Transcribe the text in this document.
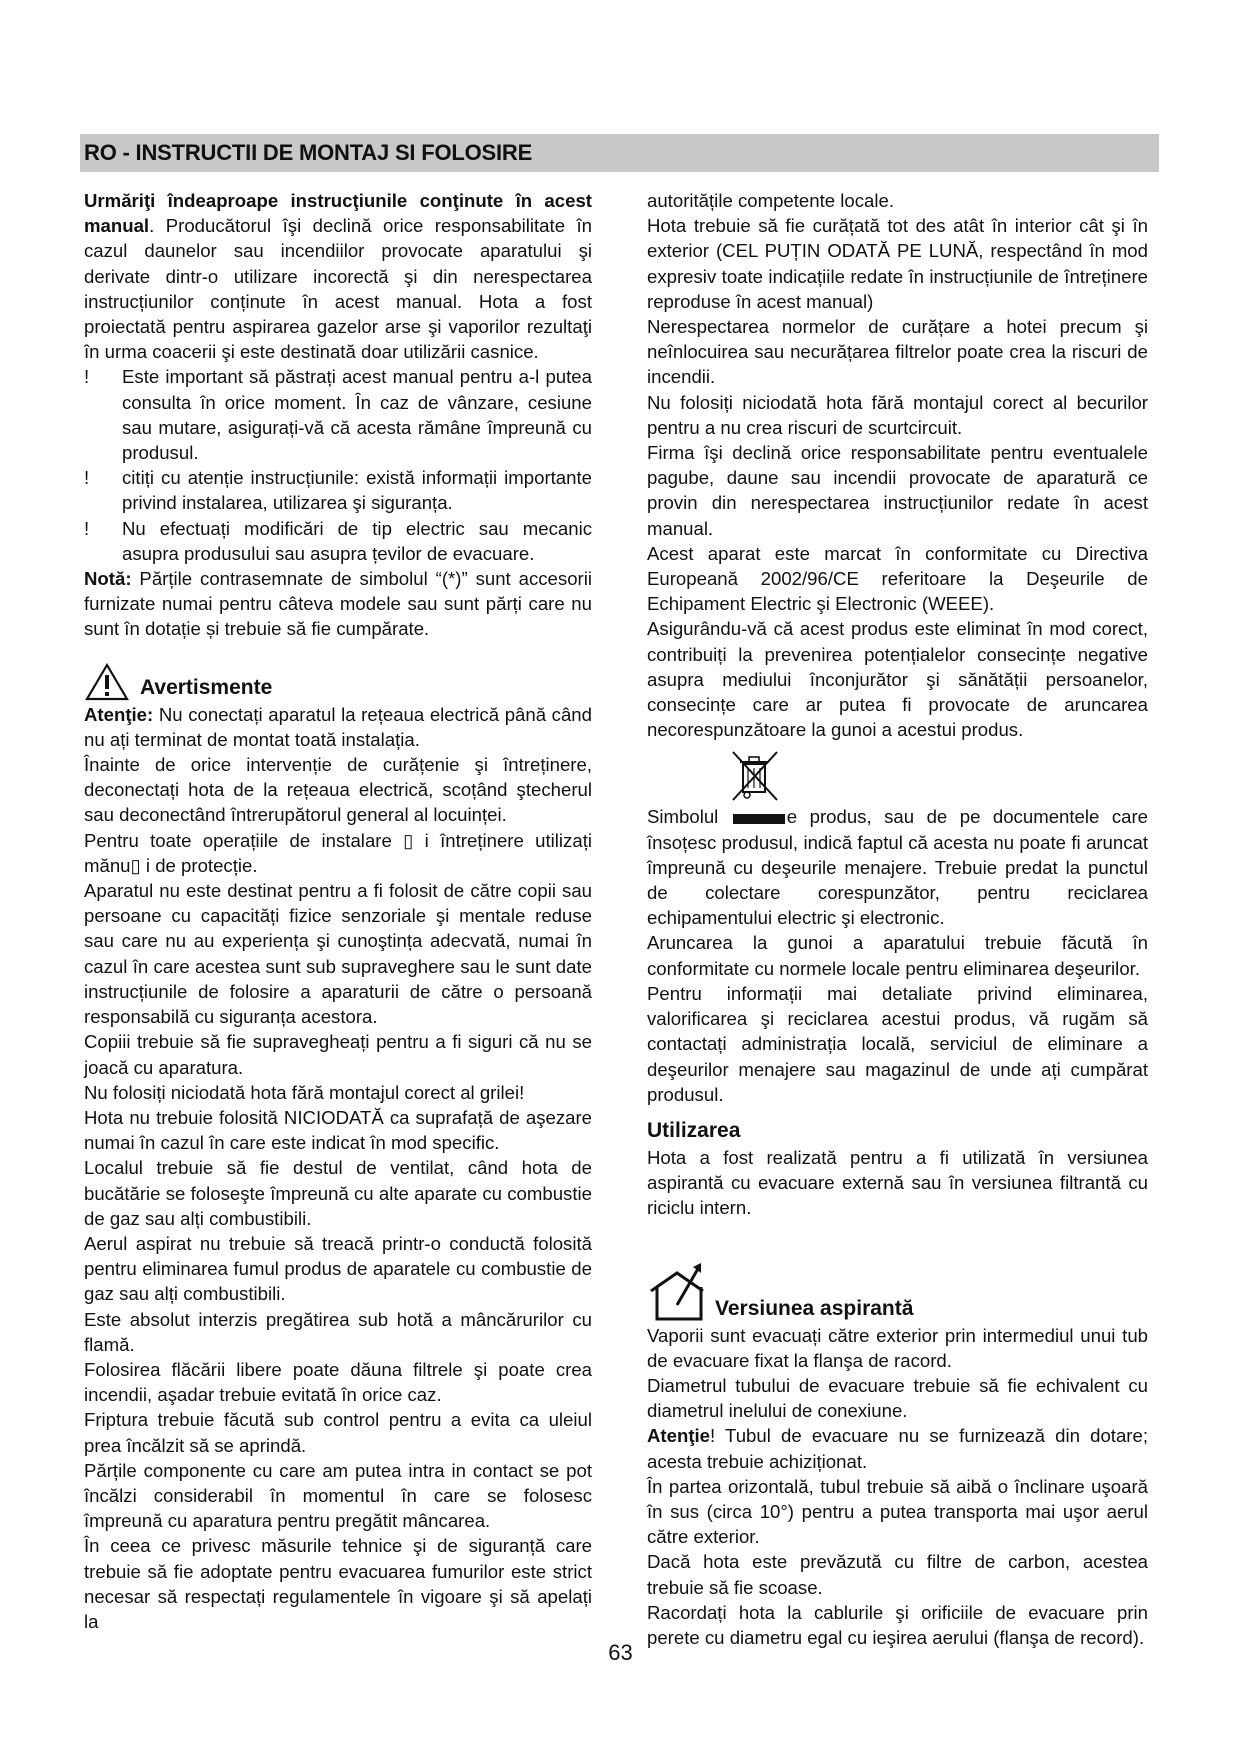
RO - INSTRUCTII DE MONTAJ SI FOLOSIRE

Urmăriţi îndeaproape instrucţiunile conţinute în acest manual. Producătorul îşi declină orice responsabilitate în cazul daunelor sau incendiilor provocate aparatului şi derivate dintr-o utilizare incorectă şi din nerespectarea instrucțiunilor conținute în acest manual. Hota a fost proiectată pentru aspirarea gazelor arse şi vaporilor rezultaţi în urma coacerii şi este destinată doar utilizării casnice.

!	Este important să păstrați acest manual pentru a-l putea consulta în orice moment. În caz de vânzare, cesiune sau mutare, asigurați-vă că acesta rămâne împreună cu produsul.
!	citiți cu atenție instrucțiunile: există informații importante privind instalarea, utilizarea şi siguranța.
!	Nu efectuați modificări de tip electric sau mecanic asupra produsului sau asupra țevilor de evacuare.

Notă: Părțile contrasemnate de simbolul “(*)” sunt accesorii furnizate numai pentru câteva modele sau sunt părți care nu sunt în dotație și trebuie să fie cumpărate.

Avertismente

Atenţie: Nu conectați aparatul la rețeaua electrică până când nu ați terminat de montat toată instalația.

Înainte de orice intervenție de curățenie şi întreținere, deconectați hota de la rețeaua electrică, scoțând ştecherul sau deconectând întrerupătorul general al locuinței.

Pentru toate operațiile de instalare ▯ i întreținere utilizați mănu▯ i de protecție.

Aparatul nu este destinat pentru a fi folosit de către copii sau persoane cu capacități fizice senzoriale şi mentale reduse sau care nu au experiența şi cunoştința adecvată, numai în cazul în care acestea sunt sub supraveghere sau le sunt date instrucțiunile de folosire a aparaturii de către o persoană responsabilă cu siguranța acestora.

Copiii trebuie să fie supravegheați pentru a fi siguri că nu se joacă cu aparatura.

Nu folosiți niciodată hota fără montajul corect al grilei!

Hota nu trebuie folosită NICIODATĂ ca suprafață de aşezare numai în cazul în care este indicat în mod specific.

Localul trebuie să fie destul de ventilat, când hota de bucătărie se foloseşte împreună cu alte aparate cu combustie de gaz sau alți combustibili.

Aerul aspirat nu trebuie să treacă printr-o conductă folosită pentru eliminarea fumul produs de aparatele cu combustie de gaz sau alți combustibili.

Este absolut interzis pregătirea sub hotă a mâncărurilor cu flamă.

Folosirea flăcării libere poate dăuna filtrele şi poate crea incendii, aşadar trebuie evitată în orice caz.

Friptura trebuie făcută sub control pentru a evita ca uleiul prea încălzit să se aprindă.

Părțile componente cu care am putea intra in contact se pot încălzi considerabil în momentul în care se folosesc împreună cu aparatura pentru pregătit mâncarea.

În ceea ce privesc măsurile tehnice şi de siguranță care trebuie să fie adoptate pentru evacuarea fumurilor este strict necesar să respectați regulamentele în vigoare şi să apelați la

autoritățile competente locale.

Hota trebuie să fie curățată tot des atât în interior cât şi în exterior (CEL PUȚIN ODATĂ PE LUNĂ, respectând în mod expresiv toate indicațiile redate în instrucțiunile de întreținere reproduse în acest manual)

Nerespectarea normelor de curățare a hotei precum şi neînlocuirea sau necurățarea filtrelor poate crea la riscuri de incendii.

Nu folosiți niciodată hota fără montajul corect al becurilor pentru a nu crea riscuri de scurtcircuit.

Firma îşi declină orice responsabilitate pentru eventualele pagube, daune sau incendii provocate de aparatură ce provin din nerespectarea instrucțiunilor redate în acest manual.

Acest aparat este marcat în conformitate cu Directiva Europeană 2002/96/CE referitoare la Deşeurile de Echipament Electric şi Electronic (WEEE).

Asigurându-vă că acest produs este eliminat în mod corect, contribuiți la prevenirea potențialelor consecințe negative asupra mediului înconjurător şi sănătății persoanelor, consecințe care ar putea fi provocate de aruncarea necorespunzătoare la gunoi a acestui produs.

Simbolul	e produs, sau de pe documentele care însoțesc produsul, indică faptul că acesta nu poate fi aruncat împreună cu deşeurile menajere. Trebuie predat la punctul de colectare corespunzător, pentru reciclarea echipamentului electric şi electronic.

Aruncarea la gunoi a aparatului trebuie făcută în conformitate cu normele locale pentru eliminarea deşeurilor.

Pentru informații mai detaliate privind eliminarea, valorificarea şi reciclarea acestui produs, vă rugăm să contactați administrația locală, serviciul de eliminare a deşeurilor menajere sau magazinul de unde ați cumpărat produsul.

Utilizarea

Hota a fost realizată pentru a fi utilizată în versiunea aspirantă cu evacuare externă sau în versiunea filtrantă cu riciclu intern.

Versiunea aspirantă

Vaporii sunt evacuați către exterior prin intermediul unui tub de evacuare fixat la flanşa de racord.

Diametrul tubului de evacuare trebuie să fie echivalent cu diametrul inelului de conexiune.

Atenţie! Tubul de evacuare nu se furnizează din dotare; acesta trebuie achiziționat.

În partea orizontală, tubul trebuie să aibă o înclinare uşoară în sus (circa 10°) pentru a putea transporta mai uşor aerul către exterior.

Dacă hota este prevăzută cu filtre de carbon, acestea trebuie să fie scoase.

Racordați hota la cablurile şi orificiile de evacuare prin perete cu diametru egal cu ieşirea aerului (flanşa de record).

63
